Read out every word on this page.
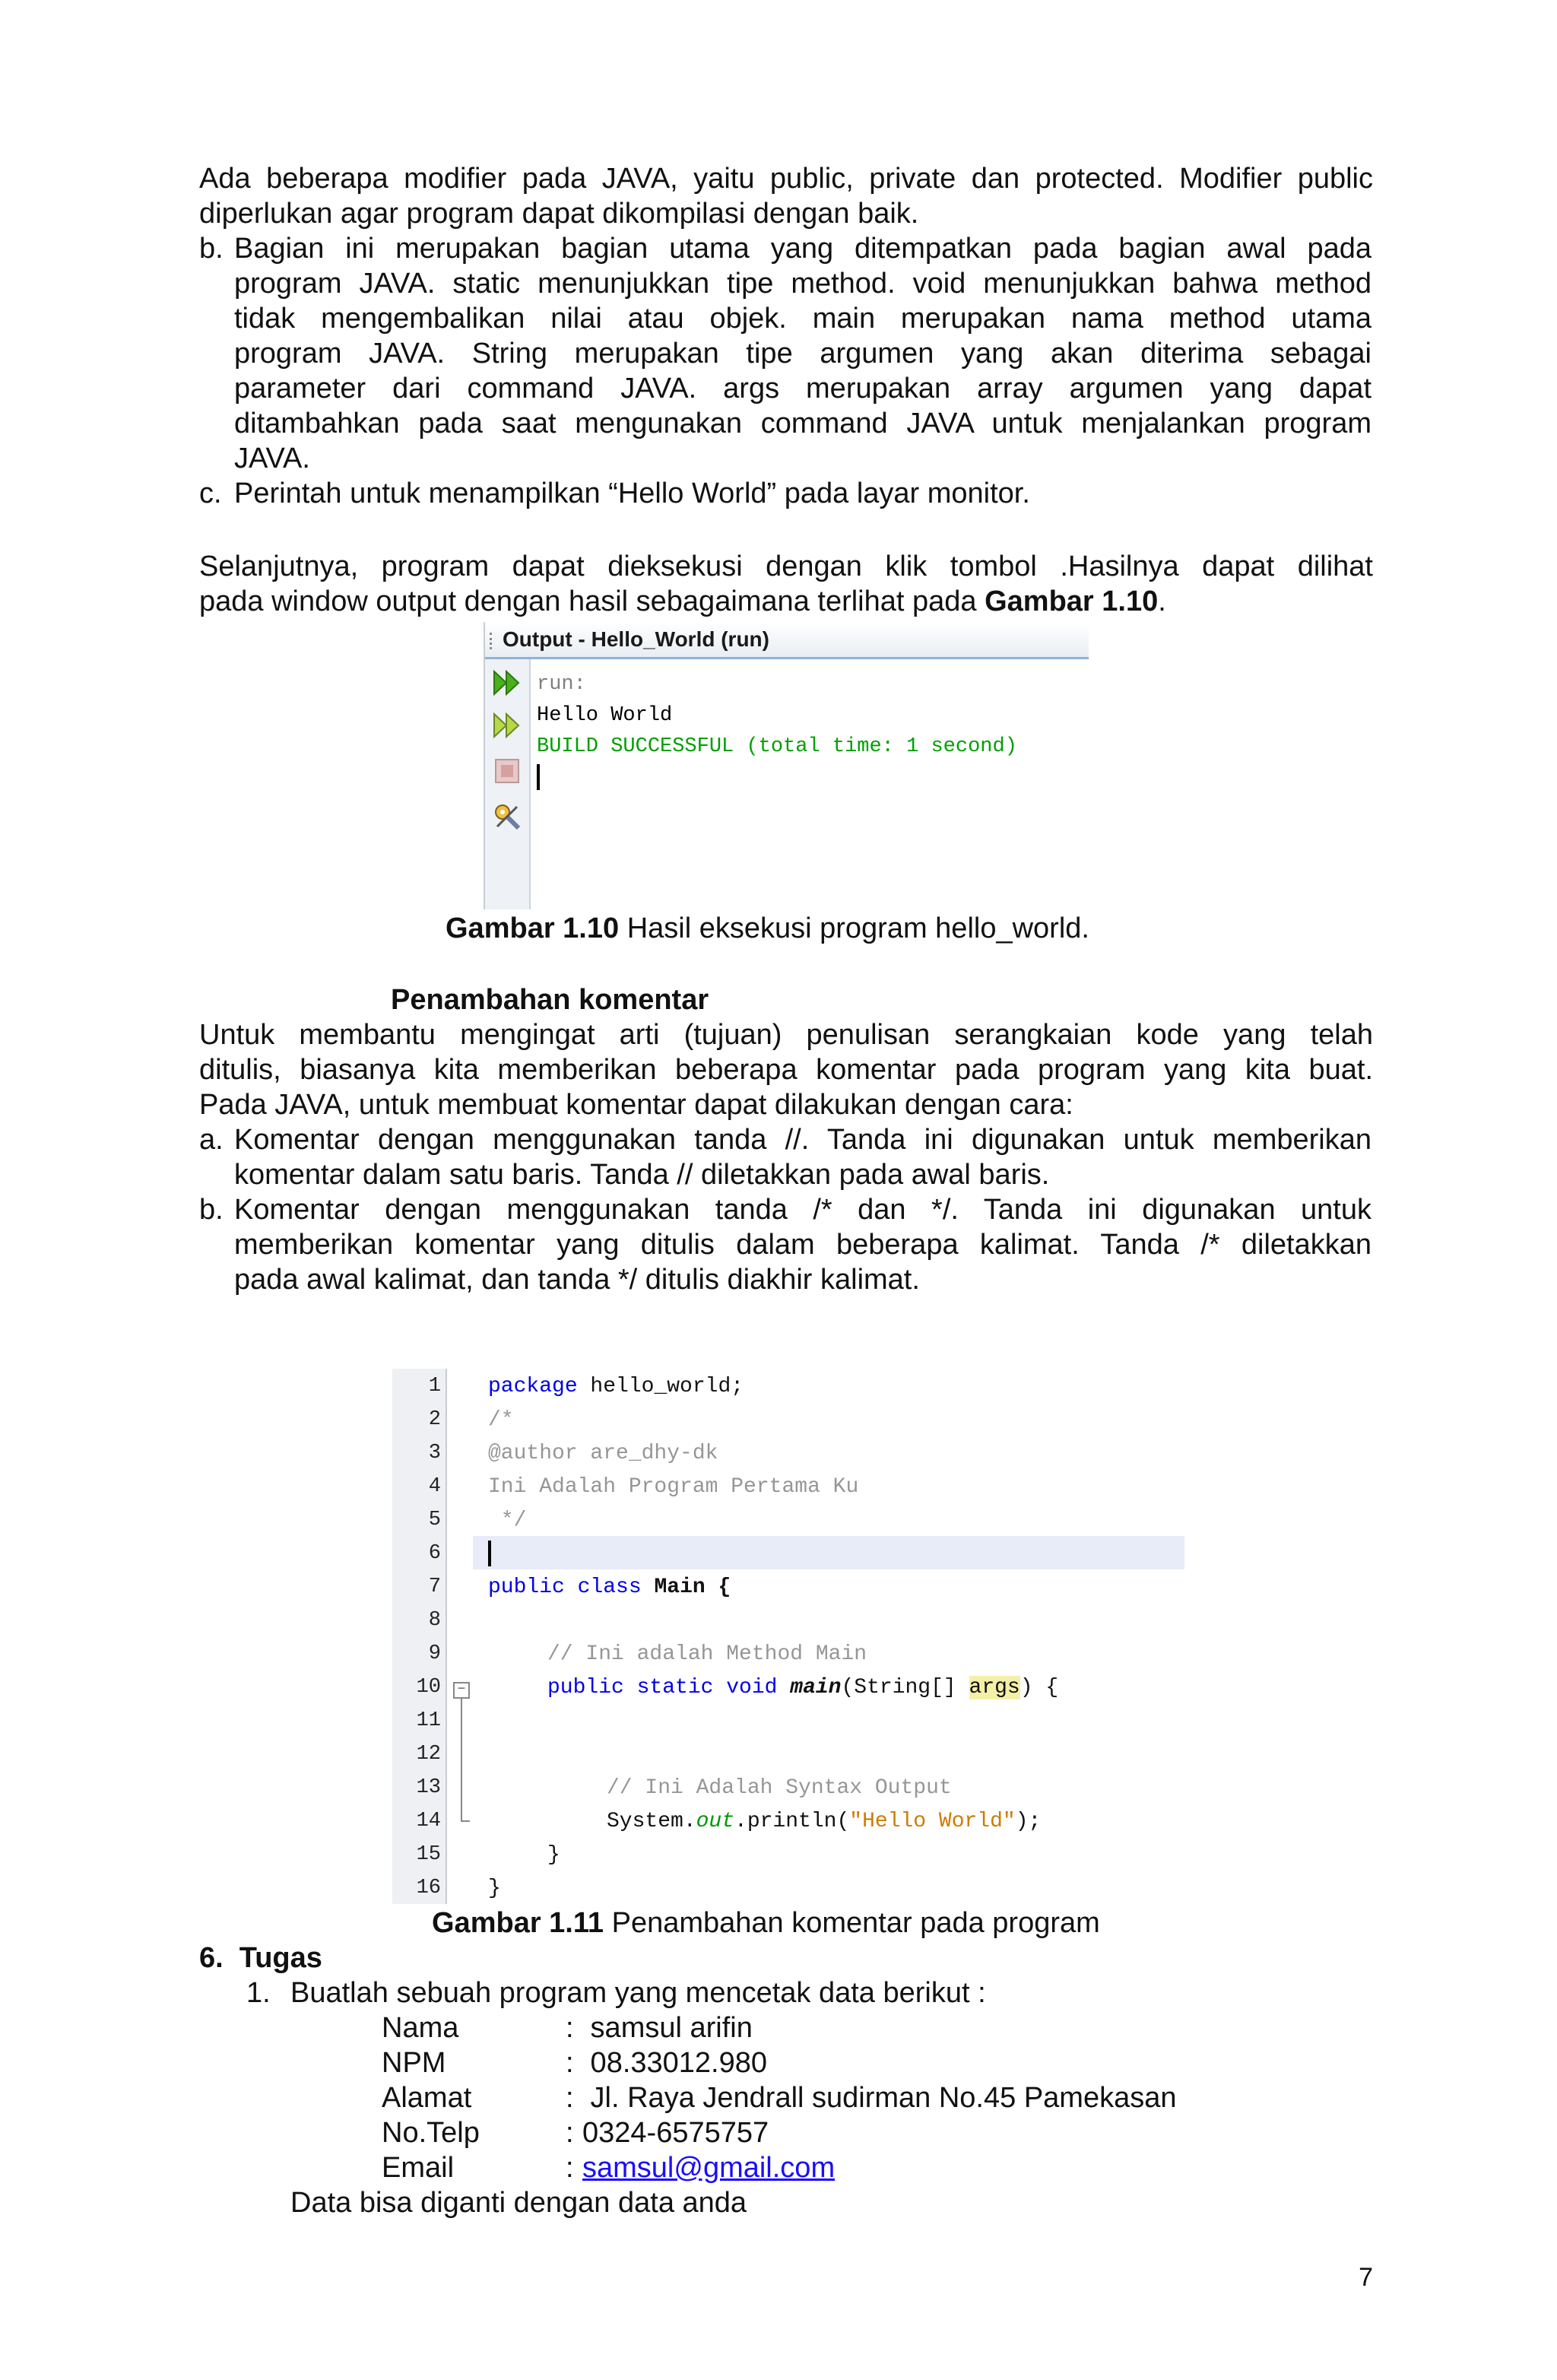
Ada beberapa modifier pada JAVA, yaitu public, private dan protected. Modifier public
diperlukan agar program dapat dikompilasi dengan baik.
b. Bagian ini merupakan bagian utama yang ditempatkan pada bagian awal pada
program JAVA. static menunjukkan tipe method. void menunjukkan bahwa method
tidak mengembalikan nilai atau objek. main merupakan nama method utama
program JAVA. String merupakan tipe argumen yang akan diterima sebagai
parameter dari command JAVA. args merupakan array argumen yang dapat
ditambahkan pada saat mengunakan command JAVA untuk menjalankan program
JAVA.
c. Perintah untuk menampilkan “Hello World” pada layar monitor.
Selanjutnya, program dapat dieksekusi dengan klik tombol .Hasilnya dapat dilihat
pada window output dengan hasil sebagaimana terlihat pada Gambar 1.10.
Output - Hello_World (run)
run:
Hello World
BUILD SUCCESSFUL (total time: 1 second)
Gambar 1.10 Hasil eksekusi program hello_world.
Penambahan komentar
Untuk membantu mengingat arti (tujuan) penulisan serangkaian kode yang telah
ditulis, biasanya kita memberikan beberapa komentar pada program yang kita buat.
Pada JAVA, untuk membuat komentar dapat dilakukan dengan cara:
a. Komentar dengan menggunakan tanda //. Tanda ini digunakan untuk memberikan
komentar dalam satu baris. Tanda // diletakkan pada awal baris.
b. Komentar dengan menggunakan tanda /* dan */. Tanda ini digunakan untuk
memberikan komentar yang ditulis dalam beberapa kalimat. Tanda /* diletakkan
pada awal kalimat, dan tanda */ ditulis diakhir kalimat.
1
2
3
4
5
6
7
8
9
10
11
12
13
14
15
16
−
package hello_world;
/*
@author are_dhy-dk
Ini Adalah Program Pertama Ku
*/
public class Main {
// Ini adalah Method Main
public static void main(String[] args) {
// Ini Adalah Syntax Output
System.out.println("Hello World");
}
}
Gambar 1.11 Penambahan komentar pada program
6.  Tugas
1. Buatlah sebuah program yang mencetak data berikut :
Nama	: samsul arifin
NPM	: 08.33012.980
Alamat	: Jl. Raya Jendrall sudirman No.45 Pamekasan
No.Telp	: 0324-6575757
Email	: samsul@gmail.com
Data bisa diganti dengan data anda
7
